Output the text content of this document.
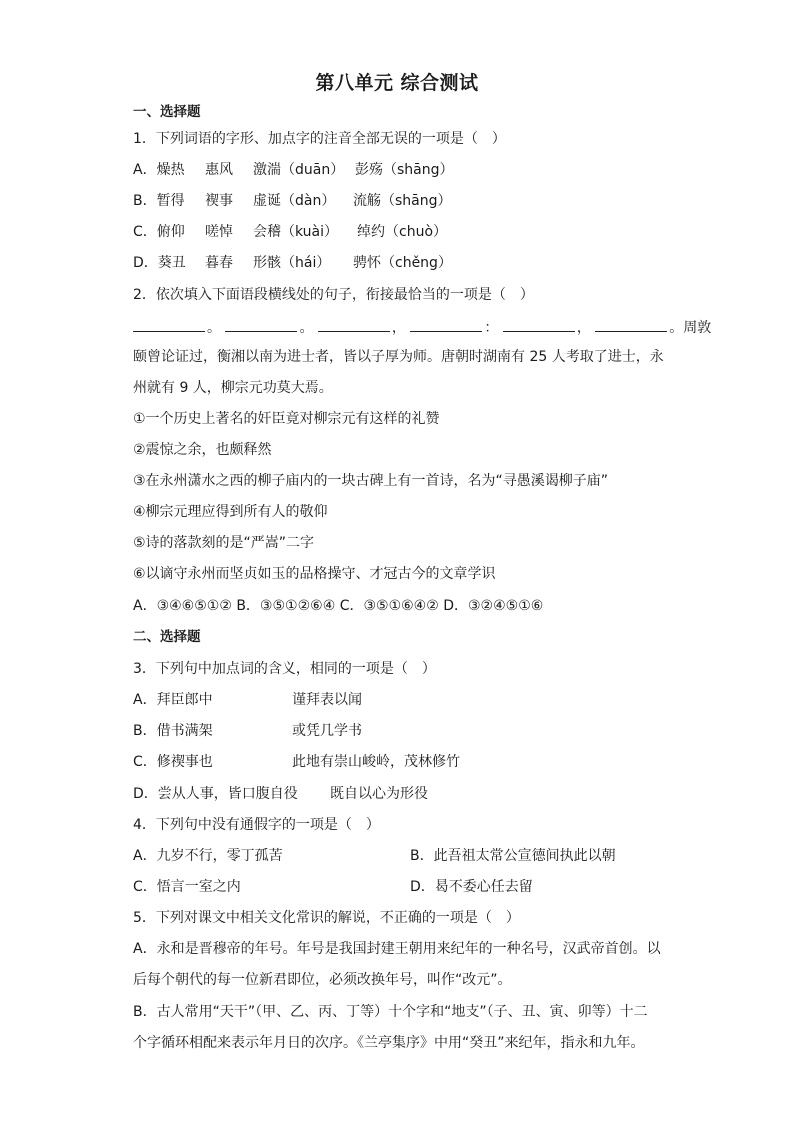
第八单元 综合测试
一、选择题
1．下列词语的字形、加点字的注音全部无误的一项是（　）
A．燥热 惠风 激湍（duān） 彭殇（shāng）
B．暂得 褉事 虚诞（dàn） 流觞（shāng）
C．俯仰 嗟悼 会稽（kuài） 绰约（chuò）
D．葵丑 暮春 形骸（hái） 骋怀（chěng）
2．依次填入下面语段横线处的句子，衔接最恰当的一项是（　）
。	。	，	：	，	。周敦
颐曾论证过，衡湘以南为进士者，皆以子厚为师。唐朝时湖南有 25 人考取了进士，永
州就有 9 人，柳宗元功莫大焉。
①一个历史上著名的奸臣竟对柳宗元有这样的礼赞
②震惊之余，也颇释然
③在永州潇水之西的柳子庙内的一块古碑上有一首诗，名为“寻愚溪谒柳子庙”
④柳宗元理应得到所有人的敬仰
⑤诗的落款刻的是“严嵩”二字
⑥以谪守永州而坚贞如玉的品格操守、才冠古今的文章学识
A．③④⑥⑤①② B．③⑤①②⑥④ C．③⑤①⑥④② D．③②④⑤①⑥
二、选择题
3．下列句中加点词的含义，相同的一项是（　）
A．拜臣郎中	谨拜表以闻
B．借书满架	或凭几学书
C．修禊事也	此地有崇山峻岭，茂林修竹
D．尝从人事，皆口腹自役 既自以心为形役
4．下列句中没有通假字的一项是（　）
A．九岁不行，零丁孤苦	B．此吾祖太常公宣德间执此以朝
C．悟言一室之内	D．曷不委心任去留
5．下列对课文中相关文化常识的解说，不正确的一项是（　）
A．永和是晋穆帝的年号。年号是我国封建王朝用来纪年的一种名号，汉武帝首创。以
后每个朝代的每一位新君即位，必须改换年号，叫作“改元”。
B．古人常用“天干”（甲、乙、丙、丁等）十个字和“地支”（子、丑、寅、卯等）十二
个字循环相配来表示年月日的次序。《兰亭集序》中用“癸丑”来纪年，指永和九年。
